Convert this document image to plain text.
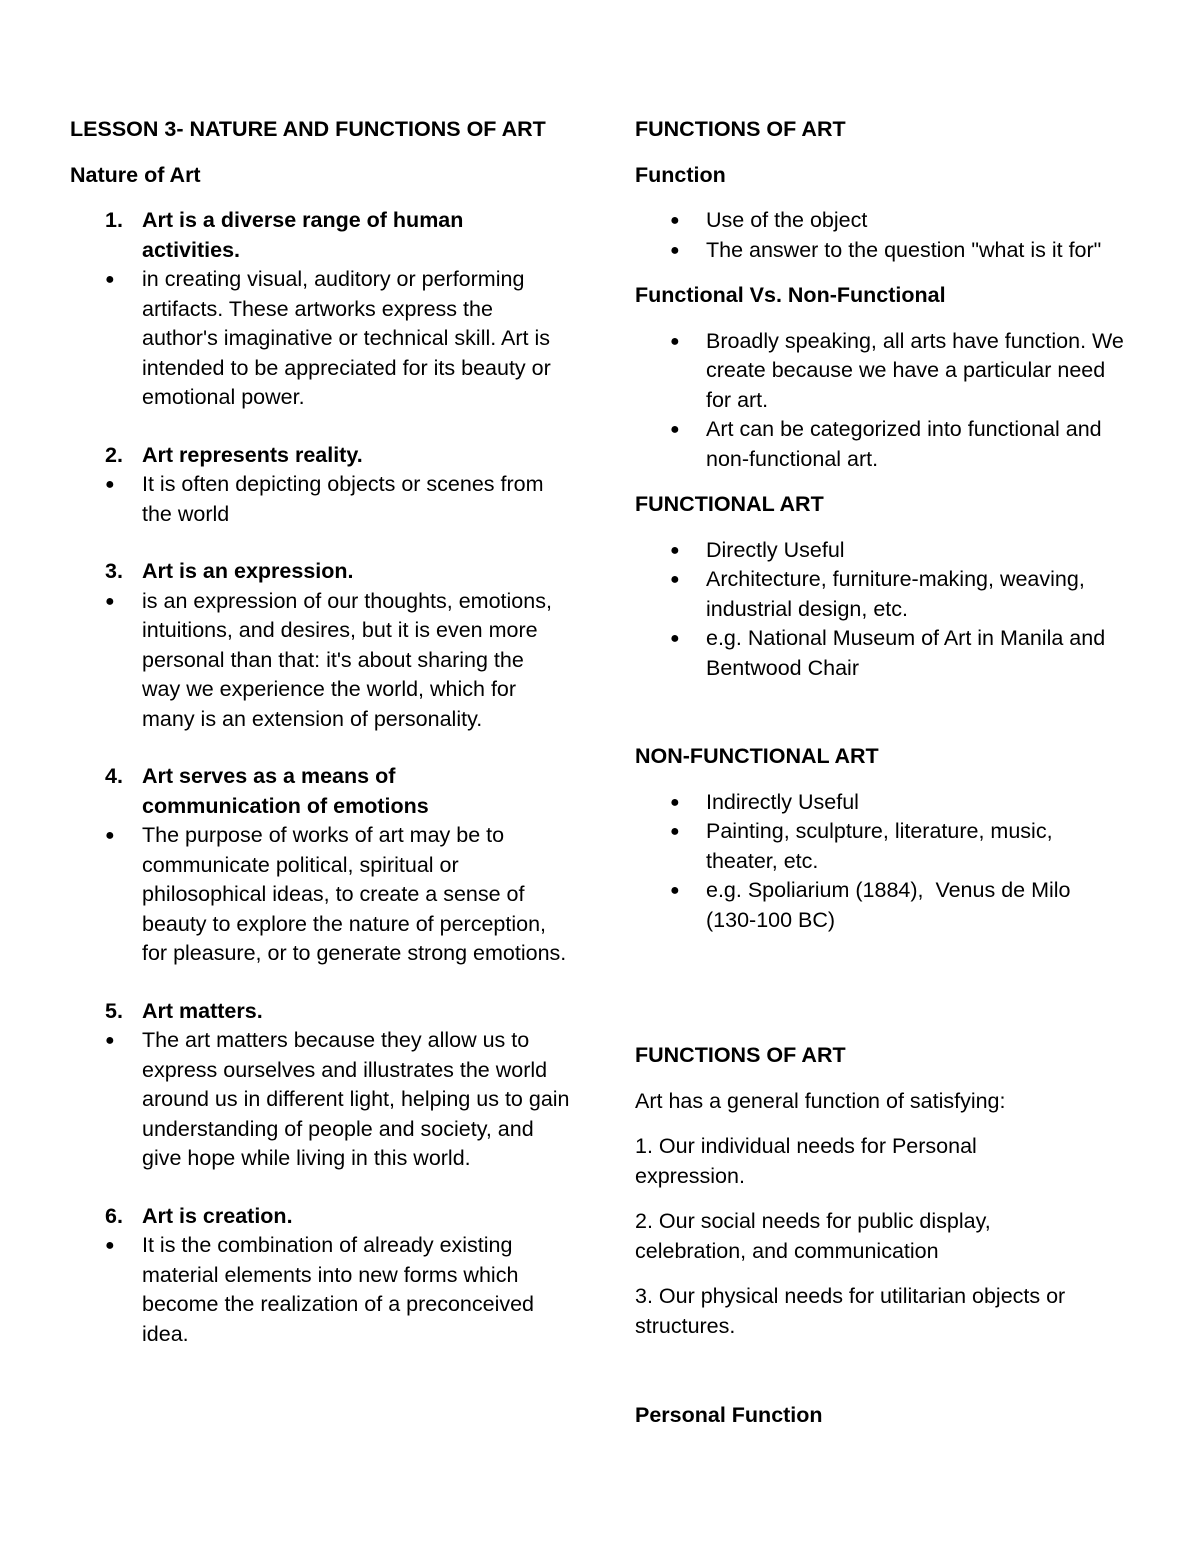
LESSON 3- NATURE AND FUNCTIONS OF ART
Nature of Art
1. Art is a diverse range of human activities.
● in creating visual, auditory or performing artifacts. These artworks express the author's imaginative or technical skill. Art is intended to be appreciated for its beauty or emotional power.
2. Art represents reality.
● It is often depicting objects or scenes from the world
3. Art is an expression.
● is an expression of our thoughts, emotions, intuitions, and desires, but it is even more personal than that: it's about sharing the way we experience the world, which for many is an extension of personality.
4. Art serves as a means of communication of emotions
● The purpose of works of art may be to communicate political, spiritual or philosophical ideas, to create a sense of beauty to explore the nature of perception, for pleasure, or to generate strong emotions.
5. Art matters.
● The art matters because they allow us to express ourselves and illustrates the world around us in different light, helping us to gain understanding of people and society, and give hope while living in this world.
6. Art is creation.
● It is the combination of already existing material elements into new forms which become the realization of a preconceived idea.
FUNCTIONS OF ART
Function
● Use of the object
● The answer to the question "what is it for"
Functional Vs. Non-Functional
● Broadly speaking, all arts have function. We create because we have a particular need for art.
● Art can be categorized into functional and non-functional art.
FUNCTIONAL ART
● Directly Useful
● Architecture, furniture-making, weaving, industrial design, etc.
● e.g. National Museum of Art in Manila and Bentwood Chair
NON-FUNCTIONAL ART
● Indirectly Useful
● Painting, sculpture, literature, music, theater, etc.
● e.g. Spoliarium (1884),  Venus de Milo (130-100 BC)
FUNCTIONS OF ART

Art has a general function of satisfying:

1. Our individual needs for Personal expression.

2. Our social needs for public display, celebration, and communication

3. Our physical needs for utilitarian objects or structures.

Personal Function
